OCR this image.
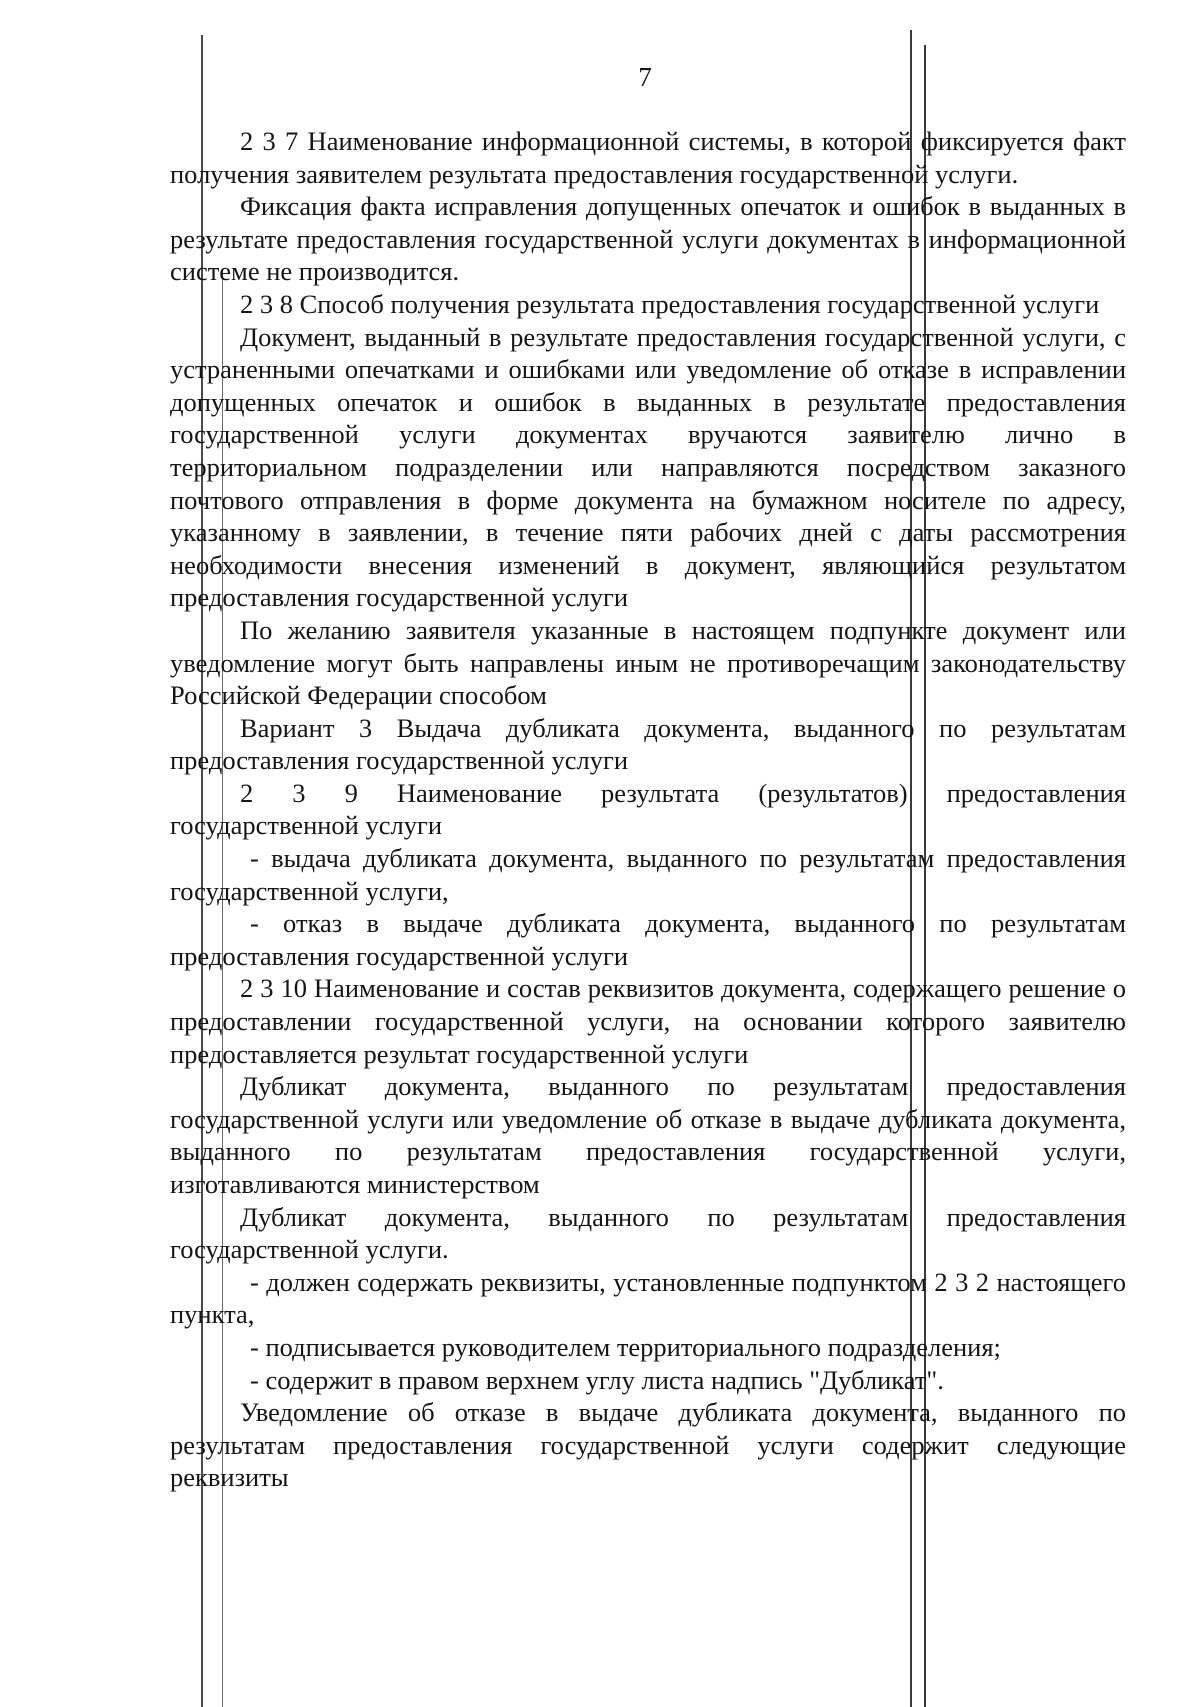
7

2 3 7 Наименование информационной системы, в которой фиксируется факт получения заявителем результата предоставления государственной услуги.

Фиксация факта исправления допущенных опечаток и ошибок в выданных в результате предоставления государственной услуги документах в информационной системе не производится.

2 3 8 Способ получения результата предоставления государственной услуги

Документ, выданный в результате предоставления государственной услуги, с устраненными опечатками и ошибками или уведомление об отказе в исправлении допущенных опечаток и ошибок в выданных в результате предоставления государственной услуги документах вручаются заявителю лично в территориальном подразделении или направляются посредством заказного почтового отправления в форме документа на бумажном носителе по адресу, указанному в заявлении, в течение пяти рабочих дней с даты рассмотрения необходимости внесения изменений в документ, являющийся результатом предоставления государственной услуги

По желанию заявителя указанные в настоящем подпункте документ или уведомление могут быть направлены иным не противоречащим законодательству Российской Федерации способом

Вариант 3 Выдача дубликата документа, выданного по результатам предоставления государственной услуги

2 3 9 Наименование результата (результатов) предоставления государственной услуги

- выдача дубликата документа, выданного по результатам предоставления государственной услуги,

- отказ в выдаче дубликата документа, выданного по результатам предоставления государственной услуги

2 3 10 Наименование и состав реквизитов документа, содержащего решение о предоставлении государственной услуги, на основании которого заявителю предоставляется результат государственной услуги

Дубликат документа, выданного по результатам предоставления государственной услуги или уведомление об отказе в выдаче дубликата документа, выданного по результатам предоставления государственной услуги, изготавливаются министерством

Дубликат документа, выданного по результатам предоставления государственной услуги.

- должен содержать реквизиты, установленные подпунктом 2 3 2 настоящего пункта,

- подписывается руководителем территориального подразделения;

- содержит в правом верхнем углу листа надпись "Дубликат".

Уведомление об отказе в выдаче дубликата документа, выданного по результатам предоставления государственной услуги содержит следующие реквизиты
